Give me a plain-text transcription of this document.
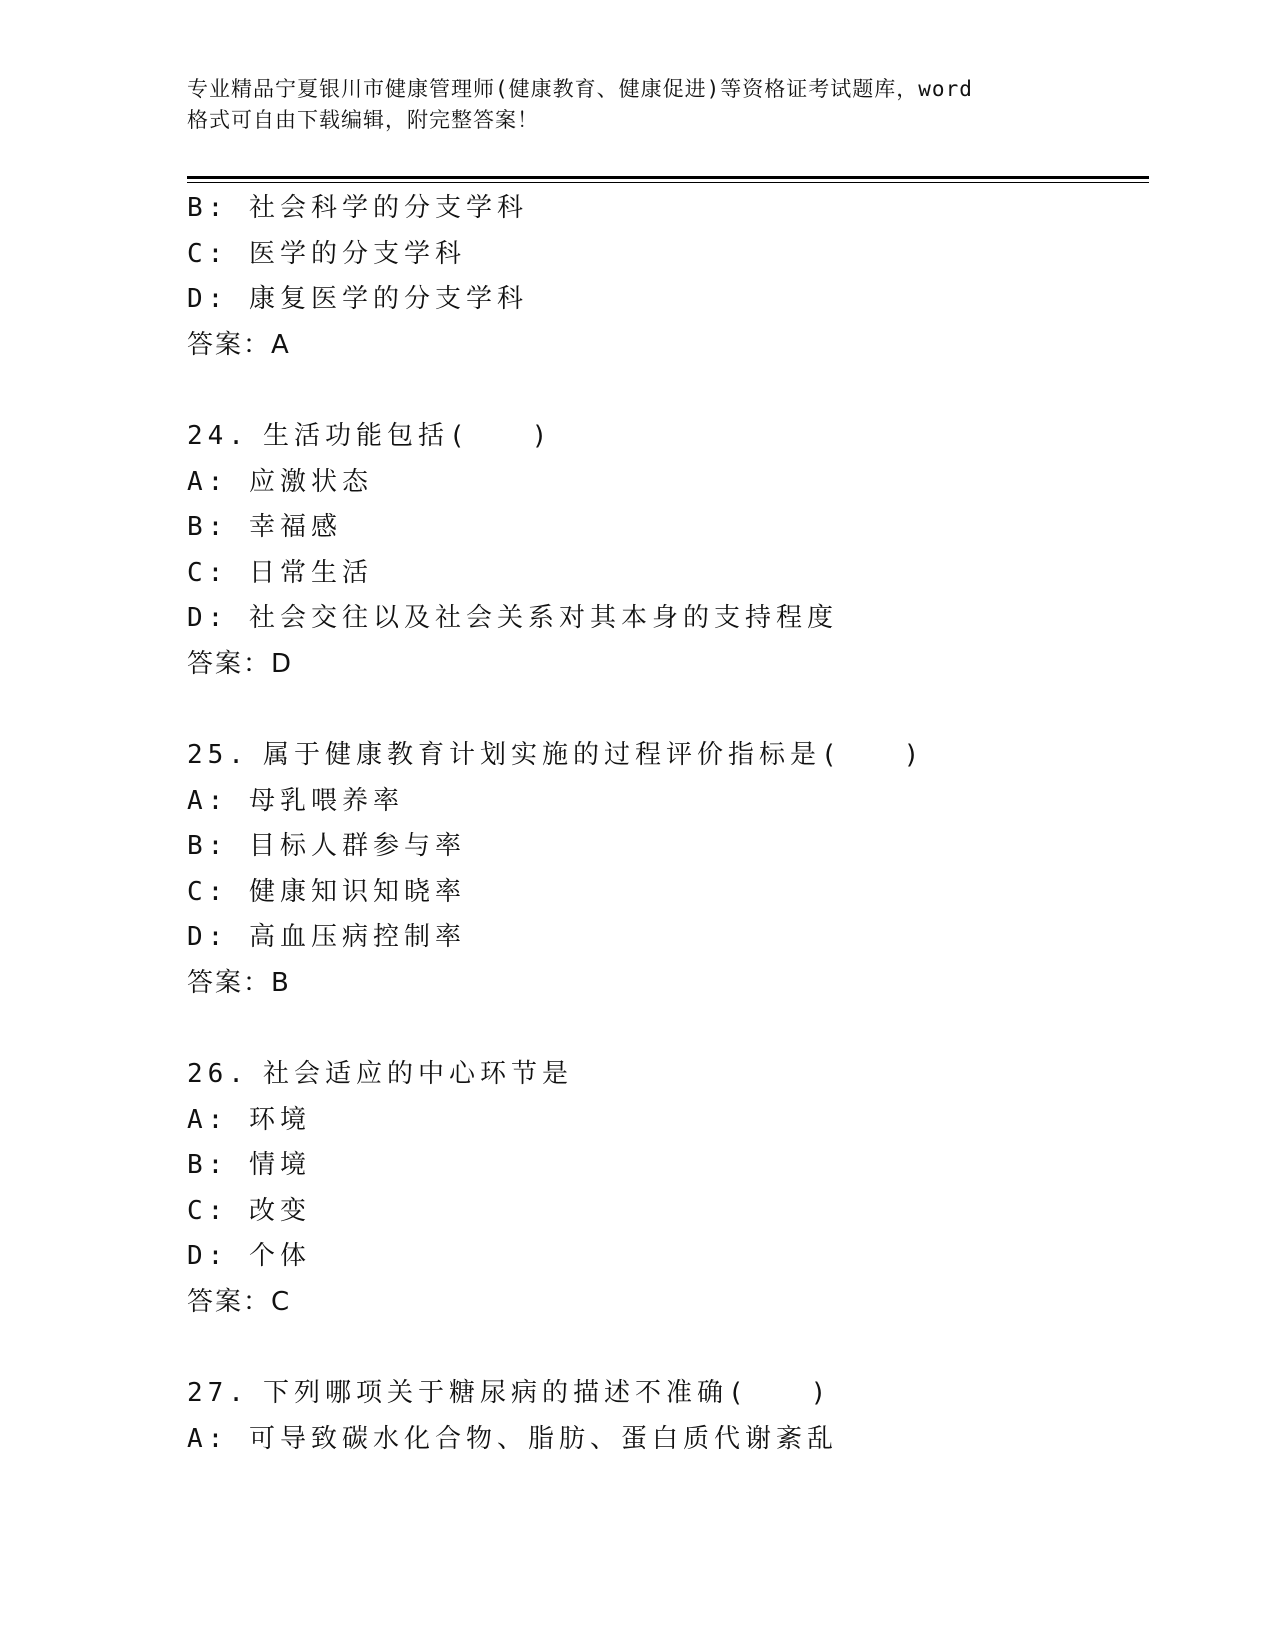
专业精品宁夏银川市健康管理师(健康教育、健康促进)等资格证考试题库，word
格式可自由下载编辑，附完整答案！
B: 社会科学的分支学科
C: 医学的分支学科
D: 康复医学的分支学科
答案：A
24. 生活功能包括(　　)
A: 应激状态
B: 幸福感
C: 日常生活
D: 社会交往以及社会关系对其本身的支持程度
答案：D
25. 属于健康教育计划实施的过程评价指标是(　　)
A: 母乳喂养率
B: 目标人群参与率
C: 健康知识知晓率
D: 高血压病控制率
答案：B
26. 社会适应的中心环节是
A: 环境
B: 情境
C: 改变
D: 个体
答案：C
27. 下列哪项关于糖尿病的描述不准确(　　)
A: 可导致碳水化合物、脂肪、蛋白质代谢紊乱
